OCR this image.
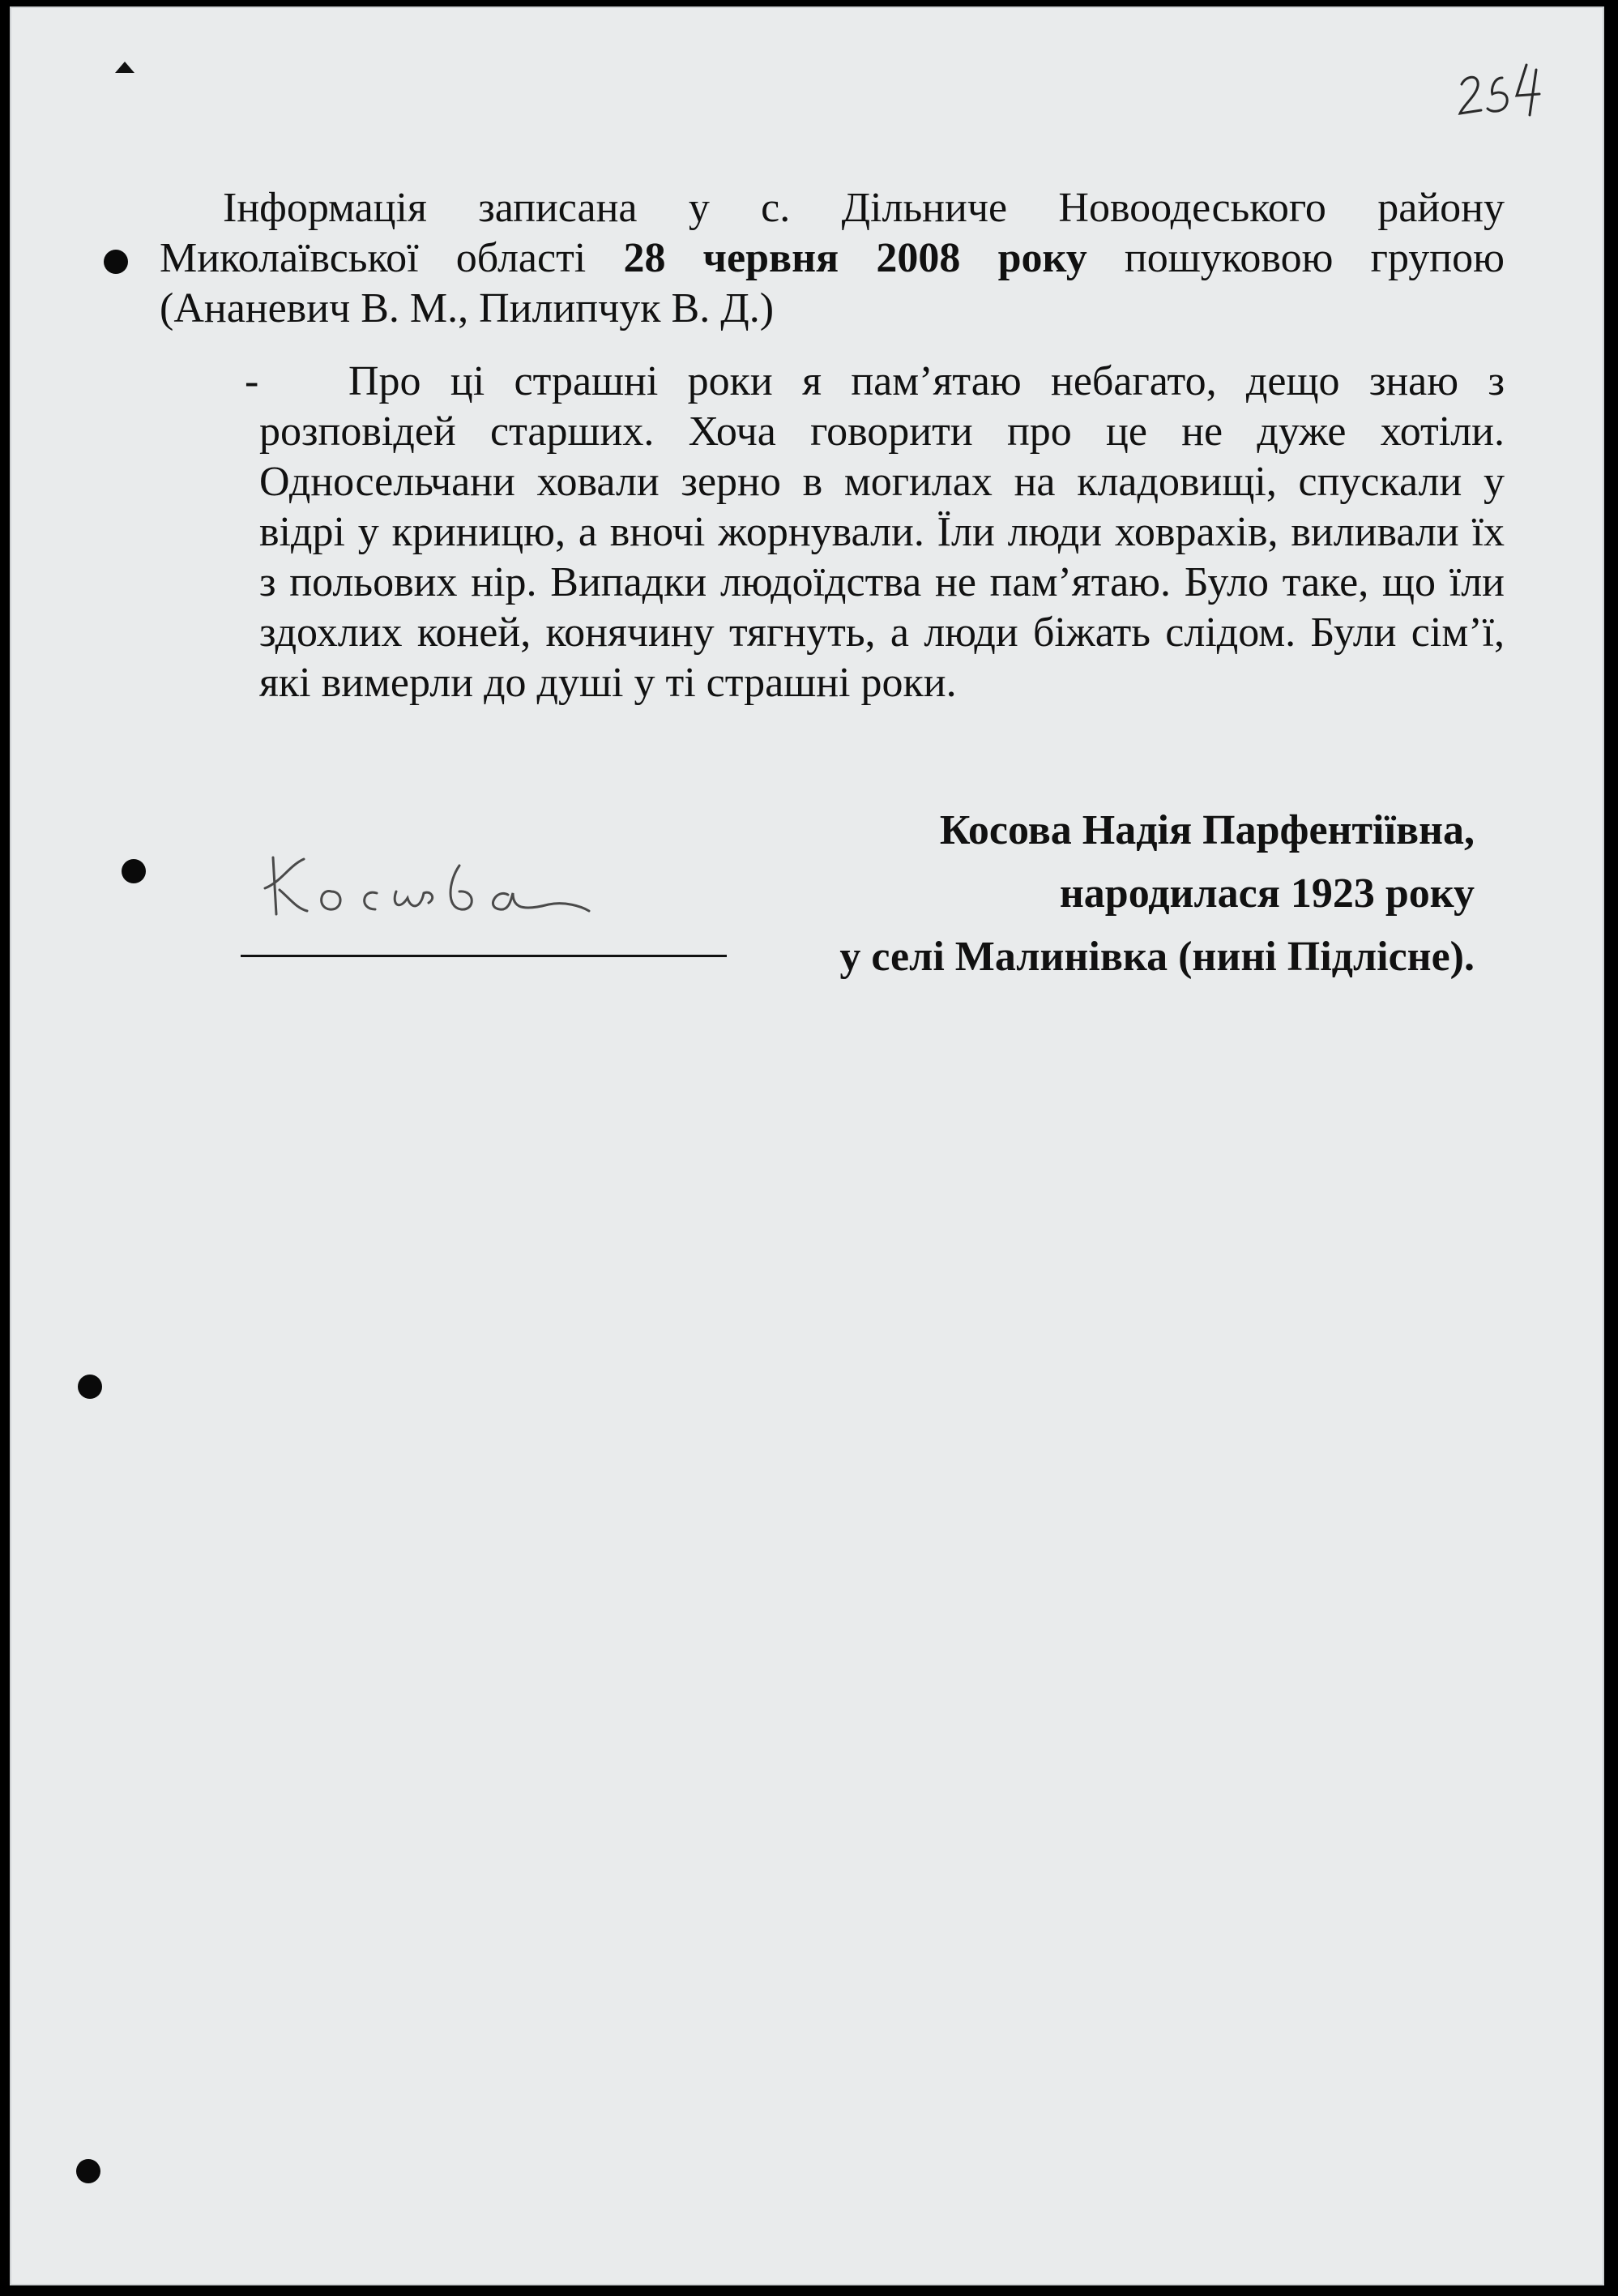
Інформація записана у с. Дільниче Новоодеського району Миколаївської області 28 червня 2008 року пошуковою групою (Ананевич В. М., Пилипчук В. Д.)
-	Про ці страшні роки я пам’ятаю небагато, дещо знаю з розповідей старших. Хоча говорити про це не дуже хотіли. Односельчани ховали зерно в могилах на кладовищі, спускали у відрі у криницю, а вночі жорнували. Їли люди ховрахів, виливали їх з польових нір. Випадки людоїдства не пам’ятаю. Було таке, що їли здохлих коней, конячину тягнуть, а люди біжать слідом. Були сім’ї, які вимерли до душі у ті страшні роки.
Косова Надія Парфентіївна,
народилася 1923 року
у селі Малинівка (нині Підлісне).
